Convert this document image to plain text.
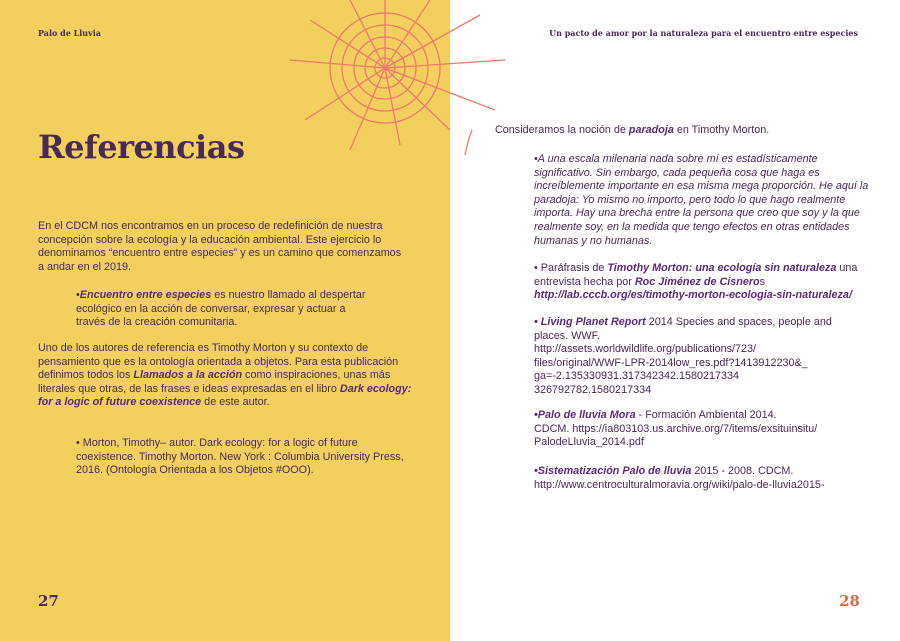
Palo de Lluvia	Un pacto de amor por la naturaleza para el encuentro entre especies
Referencias
En el CDCM nos encontramos en un proceso de redefinición de nuestra concepción sobre la ecología y la educación ambiental. Este ejercicio lo denominamos “encuentro entre especies” y es un camino que comenzamos a andar en el 2019.
•Encuentro entre especies es nuestro llamado al despertar ecológico en la acción de conversar, expresar y actuar a través de la creación comunitaria.
Uno de los autores de referencia es Timothy Morton y su contexto de pensamiento que es la ontología orientada a objetos. Para esta publicación definimos todos los Llamados a la acción como inspiraciones, unas más literales que otras, de las frases e ideas expresadas en el libro Dark ecology: for a logic of future coexistence de este autor.
• Morton, Timothy– autor. Dark ecology: for a logic of future coexistence. Timothy Morton. New York : Columbia University Press, 2016. (Ontología Orientada a los Objetos #OOO).
27
Consideramos la noción de paradoja en Timothy Morton.
•A una escala milenaria nada sobre mí es estadísticamente significativo. Sin embargo, cada pequeña cosa que haga es increíblemente importante en esa misma mega proporción. He aquí la paradoja: Yo mismo no importo, pero todo lo que hago realmente importa. Hay una brecha entre la persona que creo que soy y la que realmente soy, en la medida que tengo efectos en otras entidades humanas y no humanas.
• Paráfrasis de Timothy Morton: una ecología sin naturaleza una entrevista hecha por Roc Jiménez de Cisneros
http://lab.cccb.org/es/timothy-morton-ecologia-sin-naturaleza/
• Living Planet Report 2014 Species and spaces, people and places. WWF.
http://assets.worldwildlife.org/publications/723/
files/original/WWF-LPR-2014low_res.pdf?1413912230&_
ga=-2.135330931.317342342.1580217334
326792782.1580217334
•Palo de lluvia Mora - Formación Ambiental 2014.
CDCM. https://ia803103.us.archive.org/7/items/exsituinsitu/
PalodeLluvia_2014.pdf
•Sistematización Palo de lluvia 2015 - 2008. CDCM.
http://www.centroculturalmoravia.org/wiki/palo-de-lluvia2015-
28
